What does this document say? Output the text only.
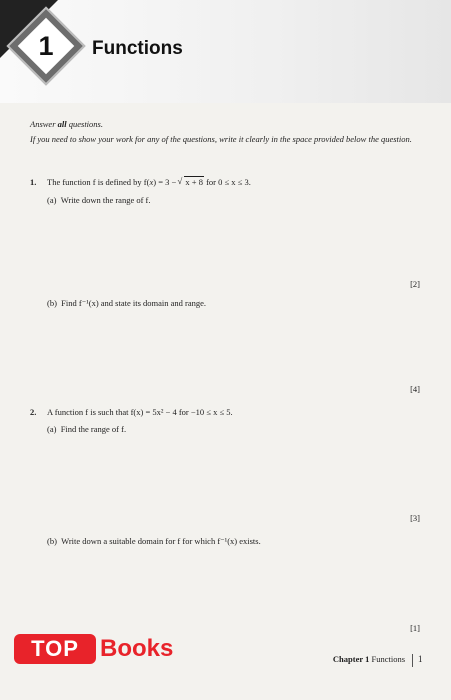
1	Functions
Answer all questions.
If you need to show your work for any of the questions, write it clearly in the space provided below the question.
1. The function f is defined by f(x) = 3 − √ x + 8 for 0 ≤ x ≤ 3.
(a) Write down the range of f.
[2]
(b) Find f⁻¹(x) and state its domain and range.
[4]
2. A function f is such that f(x) = 5x² − 4 for −10 ≤ x ≤ 5.
(a) Find the range of f.
[3]
(b) Write down a suitable domain for f for which f⁻¹(x) exists.
[1]
Chapter 1 Functions 1
TOP Books
